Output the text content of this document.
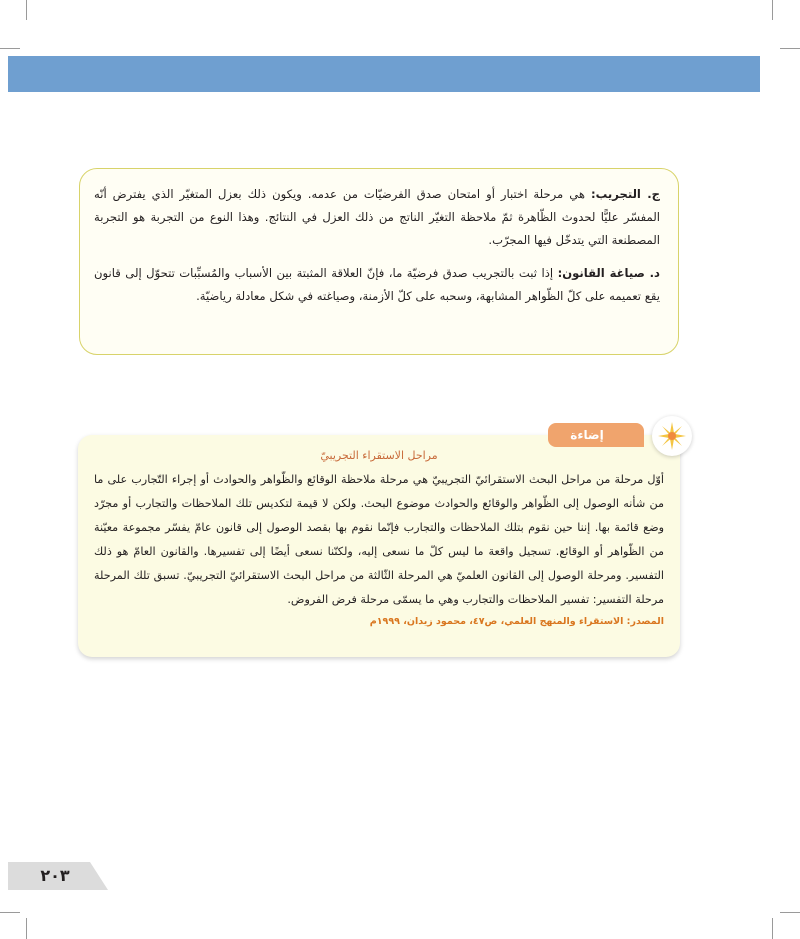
ج. التجريب: هي مرحلة اختبار أو امتحان صدق الفرضيّات من عدمه. ويكون ذلك بعزل المتغيّر الذي يفترض أنّه المفسّر عليًّا لحدوث الظّاهرة ثمّ ملاحظة التغيّر الناتج من ذلك العزل في النتائج. وهذا النوع من التجربة هو التجربة المصطنعة التي يتدخّل فيها المجرّب.

د. صياغة القانون: إذا ثبت بالتجريب صدق فرضيّة ما، فإنّ العلاقة المثبتة بين الأسباب والمُسبِّبات تتحوّل إلى قانون يقع تعميمه على كلّ الظّواهر المشابهة، وسحبه على كلّ الأزمنة، وصياغته في شكل معادلة رياضيّة.

مراحل الاستقراء التجريبيّ

أوّل مرحلة من مراحل البحث الاستقرائيّ التجريبيّ هي مرحلة ملاحظة الوقائع والظّواهر والحوادث أو إجراء التّجارب على ما من شأنه الوصول إلى الظّواهر والوقائع والحوادث موضوع البحث. ولكن لا قيمة لتكديس تلك الملاحظات والتجارب أو مجرّد وضع قائمة بها. إننا حين نقوم بتلك الملاحظات والتجارب فإنّما نقوم بها بقصد الوصول إلى قانون عامّ يفسّر مجموعة معيّنة من الظّواهر أو الوقائع. تسجيل واقعة ما ليس كلّ ما نسعى إليه، ولكنّنا نسعى أيضًا إلى تفسيرها. والقانون العامّ هو ذلك التفسير. ومرحلة الوصول إلى القانون العلميّ هي المرحلة الثّالثة من مراحل البحث الاستقرائيّ التجريبيّ. تسبق تلك المرحلة مرحلة التفسير: تفسير الملاحظات والتجارب وهي ما يسمّى مرحلة فرض الفروض.

المصدر: الاستقراء والمنهج العلمي، ص٤٧، محمود زيدان، ١٩٩٩م

إضاءة
٢٠٣
